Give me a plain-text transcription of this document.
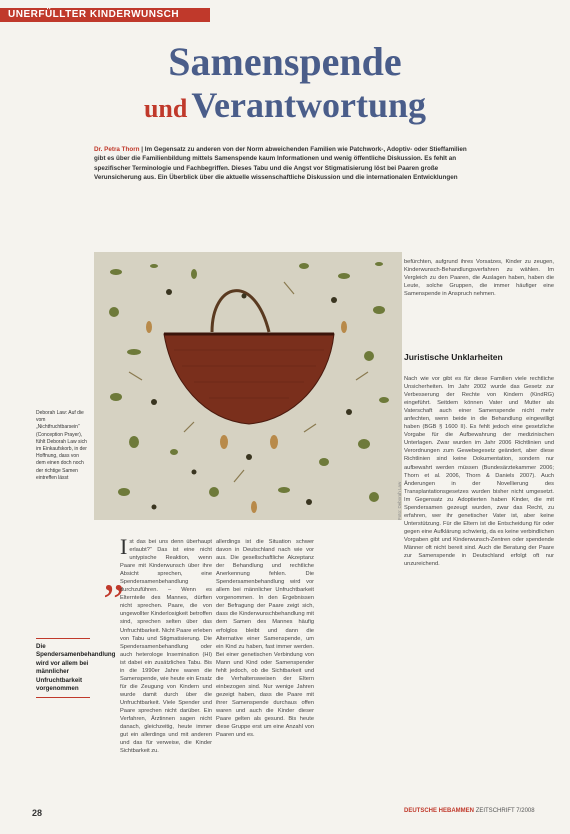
UNERFÜLLTER KINDERWUNSCH
Samenspende
und Verantwortung
Dr. Petra Thorn | Im Gegensatz zu anderen von der Norm abweichenden Familien wie Patchwork-, Adoptiv- oder Stieffamilien gibt es über die Familienbildung mittels Samenspende kaum Informationen und wenig öffentliche Diskussion. Es fehlt an spezifischer Terminologie und Fachbegriffen. Dieses Tabu und die Angst vor Stigmatisierung löst bei Paaren große Verunsicherung aus. Ein Überblick über die aktuelle wissenschaftliche Diskussion und die internationalen Entwicklungen
Foto: Deborah Law
Deborah Law: Auf die vom „Nichtfruchtbarsein“ (Conception Prayer), fühlt Deborah Law sich im Einkaufskorb, in der Hoffnung, dass von dem einen doch noch der richtige Samen eintreffen lässt
Die Spendersamenbehandlung wird vor allem bei männlicher Unfruchtbarkeit vorgenommen
„
Ist das bei uns denn überhaupt erlaubt?“ Das ist eine nicht untypische Reaktion, wenn Paare mit Kinderwunsch über ihre Absicht sprechen, eine Spendersamenbehandlung durchzuführen. – Wenn es Elternteile des Mannes, dürften nicht sprechen. Paare, die von ungewollter Kinderlosigkeit betroffen sind, sprechen selten über das Unfruchtbarkeit. Nicht Paare erleben von Tabu und Stigmatisierung. Die Spendersamenbehandlung oder auch heterologe Insemination (HI) ist dabei ein zusätzliches Tabu. Bis in die 1990er Jahre waren die Samenspende, wie heute ein Ersatz für die Zeugung von Kindern und wurde damit durch über die Unfruchtbarkeit. Viele Spender und Paare sprechen nicht darüber. Ein Verfahren, Ärztinnen sagen nicht danach, gleichzeitig, heute immer gut ein allerdings und mit anderen und das für verweise, die Kinder Sichtbarkeit zu.
allerdings ist die Situation schwer davon in Deutschland nach wie vor aus. Die gesellschaftliche Akzeptanz der Behandlung und rechtliche Anerkennung fehlen. Die Spendersamenbehandlung wird vor allem bei männlicher Unfruchtbarkeit vorgenommen. In den Ergebnissen der Befragung der Paare zeigt sich, dass die Kinderwunschbehandlung mit dem Samen des Mannes häufig erfolglos bleibt und dann die Alternative einer Samenspende, um ein Kind zu haben, fast immer werden. Bei einer genetischen Verbindung von Mann und Kind oder Samenspender fehlt jedoch, ob die Sichtbarkeit und die Verhaltensweisen der Eltern einbezogen sind. Nur wenige Jahren gezeigt haben, dass die Paare mit ihrer Samenspende durchaus offen waren und auch die Kinder dieser Paare gelten als gesund. Bis heute diese Gruppe erst um eine Anzahl von Paaren und es.
befürchten, aufgrund ihres Vorsatzes, Kinder zu zeugen, Kinderwunsch-Behandlungsverfahren zu wählen. Im Vergleich zu den Paaren, die Auslagen haben, haben die Leute, solche Gruppen, die immer häufiger eine Samenspende in Anspruch nehmen.
Juristische Unklarheiten
Nach wie vor gibt es für diese Familien viele rechtliche Unsicherheiten. Im Jahr 2002 wurde das Gesetz zur Verbesserung der Rechte von Kindern (KindRG) eingeführt. Seitdem können Vater und Mutter als Vaterschaft auch einer Samenspende nicht mehr anfechten, wenn beide in die Behandlung eingewilligt haben (BGB § 1600 II). Es fehlt jedoch eine gesetzliche Vorgabe für die Aufbewahrung der medizinischen Unterlagen. Zwar wurden im Jahr 2006 Richtlinien und Verordnungen zum Gewebegesetz geändert, aber diese Richtlinien sind keine Dokumentation, sondern nur aufbewahrt werden müssen (Bundesärztekammer 2006; Thorn et al. 2006, Thorn & Daniels 2007). Auch Änderungen in der Novellierung des Transplantationsgesetzes wurden bisher nicht umgesetzt. Im Gegensatz zu Adoptierten haben Kinder, die mit Spendersamen gezeugt wurden, zwar das Recht, zu erfahren, wer ihr genetischer Vater ist, aber keine Unterstützung. Für die Eltern ist die Entscheidung für oder gegen eine Aufklärung schwierig, da es keine verbindlichen Vorgaben gibt und Kinderwunsch-Zentren oder spendende Männer oft nicht bereit sind. Auch die Beratung der Paare zur Samenspende in Deutschland erfolgt oft nur unzureichend.
28	DEUTSCHE HEBAMMEN ZEITSCHRIFT 7/2008
